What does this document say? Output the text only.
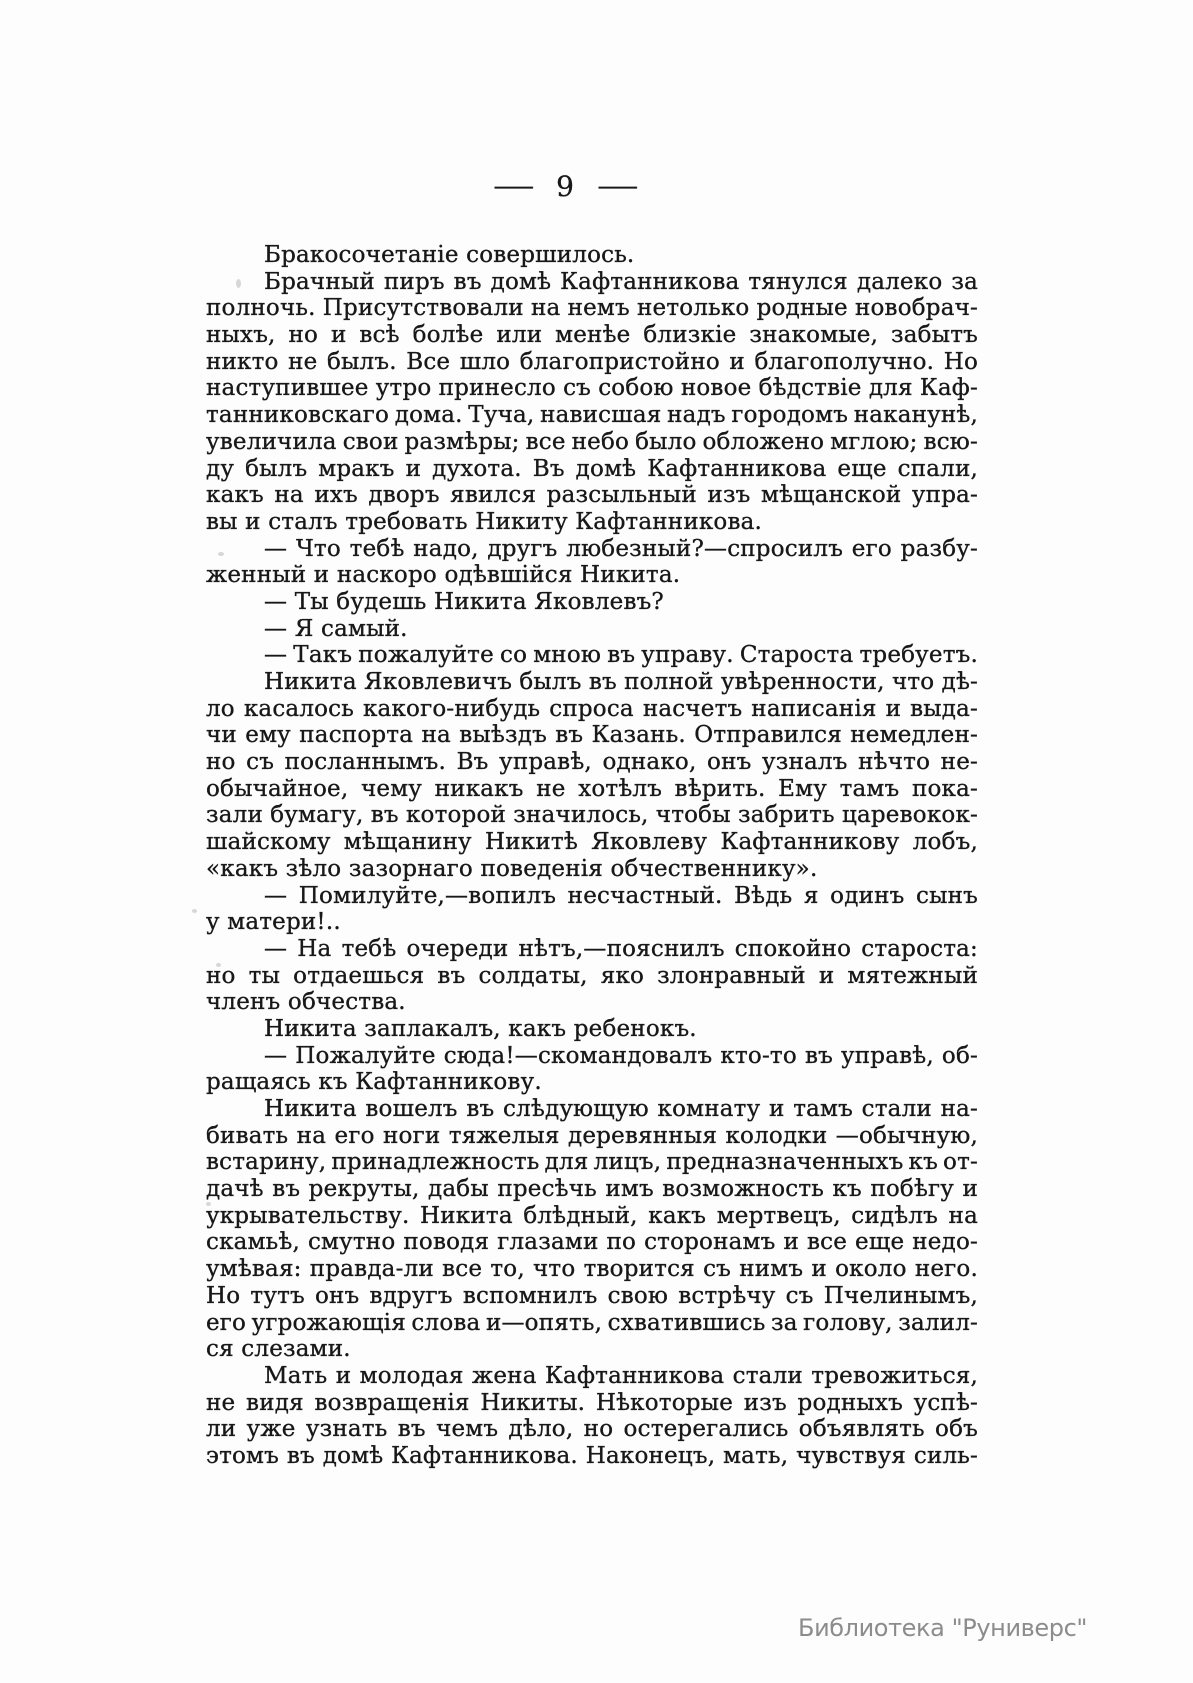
— 9 —
Бракосочетаніе совершилось.
Брачный пиръ въ домѣ Кафтанникова тянулся далеко за
полночь. Присутствовали на немъ нетолько родные новобрач-
ныхъ, но и всѣ болѣе или менѣе близкіе знакомые, забытъ
никто не былъ. Все шло благопристойно и благополучно. Но
наступившее утро принесло съ собою новое бѣдствіе для Каф-
танниковскаго дома. Туча, нависшая надъ городомъ наканунѣ,
увеличила свои размѣры; все небо было обложено мглою; всю-
ду былъ мракъ и духота. Въ домѣ Кафтанникова еще спали,
какъ на ихъ дворъ явился разсыльный изъ мѣщанской упра-
вы и сталъ требовать Никиту Кафтанникова.
— Что тебѣ надо, другъ любезный?—спросилъ его разбу-
женный и наскоро одѣвшійся Никита.
— Ты будешь Никита Яковлевъ?
— Я самый.
— Такъ пожалуйте со мною въ управу. Староста требуетъ.
Никита Яковлевичъ былъ въ полной увѣренности, что дѣ-
ло касалось какого-нибудь спроса насчетъ написанія и выда-
чи ему паспорта на выѣздъ въ Казань. Отправился немедлен-
но съ посланнымъ. Въ управѣ, однако, онъ узналъ нѣчто не-
обычайное, чему никакъ не хотѣлъ вѣрить. Ему тамъ пока-
зали бумагу, въ которой значилось, чтобы забрить царевокок-
шайскому мѣщанину Никитѣ Яковлеву Кафтанникову лобъ,
«какъ зѣло зазорнаго поведенія обчественнику».
— Помилуйте,—вопилъ несчастный. Вѣдь я одинъ сынъ
у матери!..
— На тебѣ очереди нѣтъ,—пояснилъ спокойно староста:
но ты отдаешься въ солдаты, яко злонравный и мятежный
членъ обчества.
Никита заплакалъ, какъ ребенокъ.
— Пожалуйте сюда!—скомандовалъ кто-то въ управѣ, об-
ращаясь къ Кафтанникову.
Никита вошелъ въ слѣдующую комнату и тамъ стали на-
бивать на его ноги тяжелыя деревянныя колодки —обычную,
встарину, принадлежность для лицъ, предназначенныхъ къ от-
дачѣ въ рекруты, дабы пресѣчь имъ возможность къ побѣгу и
укрывательству. Никита блѣдный, какъ мертвецъ, сидѣлъ на
скамьѣ, смутно поводя глазами по сторонамъ и все еще недо-
умѣвая: правда-ли все то, что творится съ нимъ и около него.
Но тутъ онъ вдругъ вспомнилъ свою встрѣчу съ Пчелинымъ,
его угрожающія слова и—опять, схватившись за голову, залил-
ся слезами.
Мать и молодая жена Кафтанникова стали тревожиться,
не видя возвращенія Никиты. Нѣкоторые изъ родныхъ успѣ-
ли уже узнать въ чемъ дѣло, но остерегались объявлять объ
этомъ въ домѣ Кафтанникова. Наконецъ, мать, чувствуя силь-
Библиотека "Руниверс"
